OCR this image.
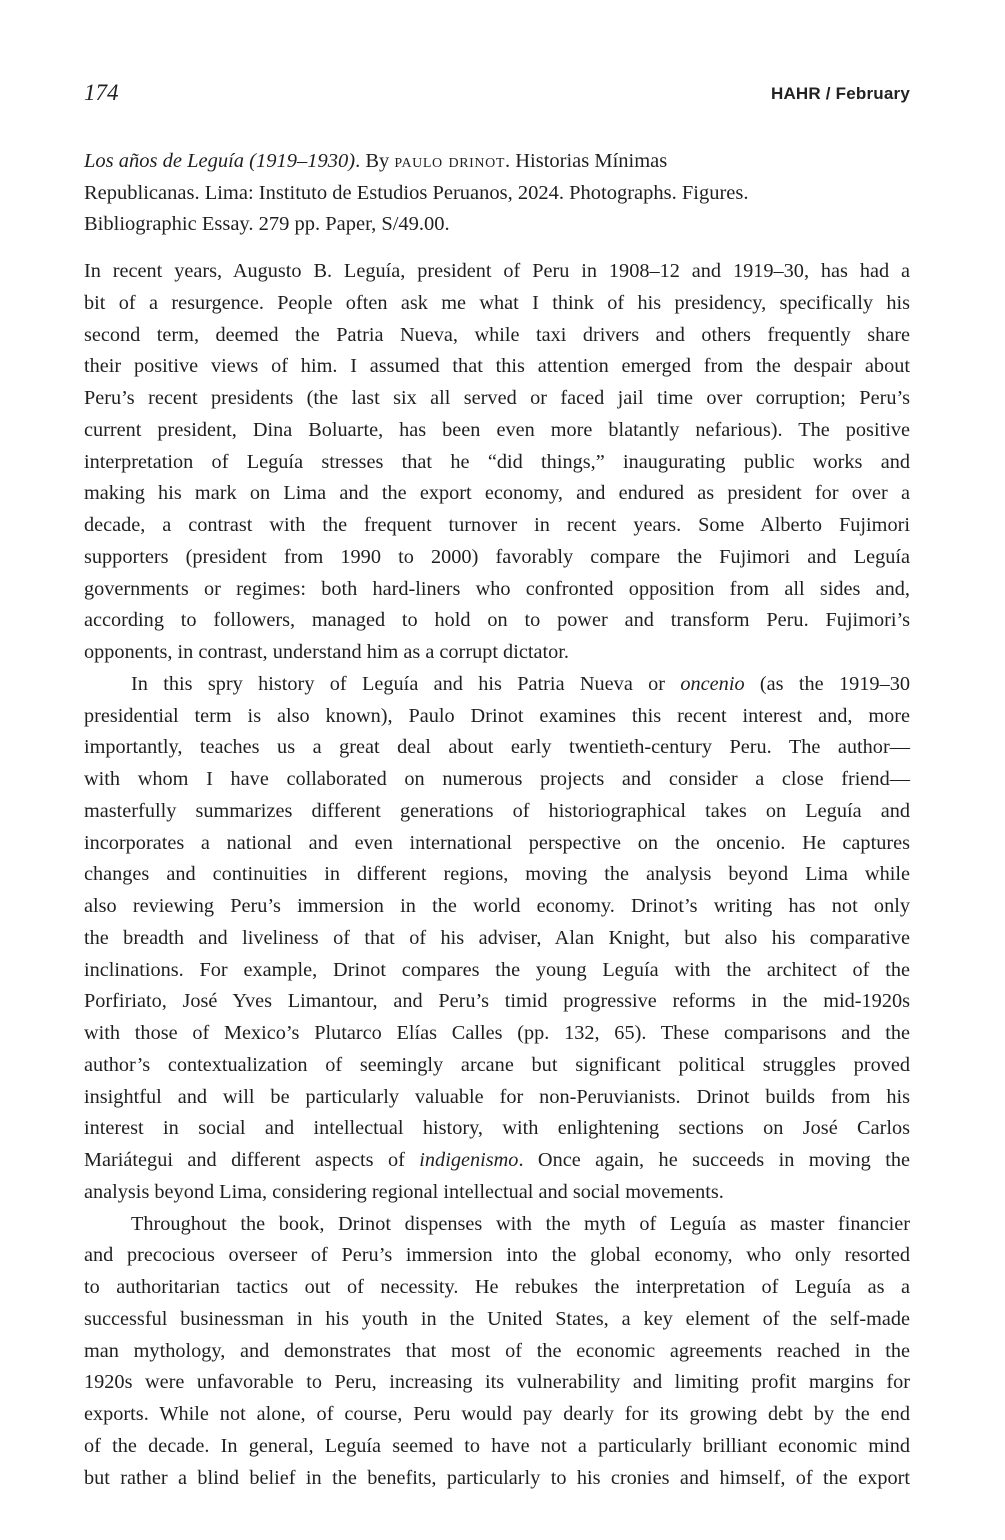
174	HAHR / February
Los años de Leguía (1919–1930). By paulo drinot. Historias Mínimas
Republicanas. Lima: Instituto de Estudios Peruanos, 2024. Photographs. Figures.
Bibliographic Essay. 279 pp. Paper, S/49.00.
In recent years, Augusto B. Leguía, president of Peru in 1908–12 and 1919–30, has had a
bit of a resurgence. People often ask me what I think of his presidency, specifically his
second term, deemed the Patria Nueva, while taxi drivers and others frequently share
their positive views of him. I assumed that this attention emerged from the despair about
Peru’s recent presidents (the last six all served or faced jail time over corruption; Peru’s
current president, Dina Boluarte, has been even more blatantly nefarious). The positive
interpretation of Leguía stresses that he “did things,” inaugurating public works and
making his mark on Lima and the export economy, and endured as president for over a
decade, a contrast with the frequent turnover in recent years. Some Alberto Fujimori
supporters (president from 1990 to 2000) favorably compare the Fujimori and Leguía
governments or regimes: both hard-liners who confronted opposition from all sides and,
according to followers, managed to hold on to power and transform Peru. Fujimori’s
opponents, in contrast, understand him as a corrupt dictator.
In this spry history of Leguía and his Patria Nueva or oncenio (as the 1919–30
presidential term is also known), Paulo Drinot examines this recent interest and, more
importantly, teaches us a great deal about early twentieth-century Peru. The author—
with whom I have collaborated on numerous projects and consider a close friend—
masterfully summarizes different generations of historiographical takes on Leguía and
incorporates a national and even international perspective on the oncenio. He captures
changes and continuities in different regions, moving the analysis beyond Lima while
also reviewing Peru’s immersion in the world economy. Drinot’s writing has not only
the breadth and liveliness of that of his adviser, Alan Knight, but also his comparative
inclinations. For example, Drinot compares the young Leguía with the architect of the
Porfiriato, José Yves Limantour, and Peru’s timid progressive reforms in the mid-1920s
with those of Mexico’s Plutarco Elías Calles (pp. 132, 65). These comparisons and the
author’s contextualization of seemingly arcane but significant political struggles proved
insightful and will be particularly valuable for non-Peruvianists. Drinot builds from his
interest in social and intellectual history, with enlightening sections on José Carlos
Mariátegui and different aspects of indigenismo. Once again, he succeeds in moving the
analysis beyond Lima, considering regional intellectual and social movements.
Throughout the book, Drinot dispenses with the myth of Leguía as master financier
and precocious overseer of Peru’s immersion into the global economy, who only resorted
to authoritarian tactics out of necessity. He rebukes the interpretation of Leguía as a
successful businessman in his youth in the United States, a key element of the self-made
man mythology, and demonstrates that most of the economic agreements reached in the
1920s were unfavorable to Peru, increasing its vulnerability and limiting profit margins for
exports. While not alone, of course, Peru would pay dearly for its growing debt by the end
of the decade. In general, Leguía seemed to have not a particularly brilliant economic mind
but rather a blind belief in the benefits, particularly to his cronies and himself, of the export
